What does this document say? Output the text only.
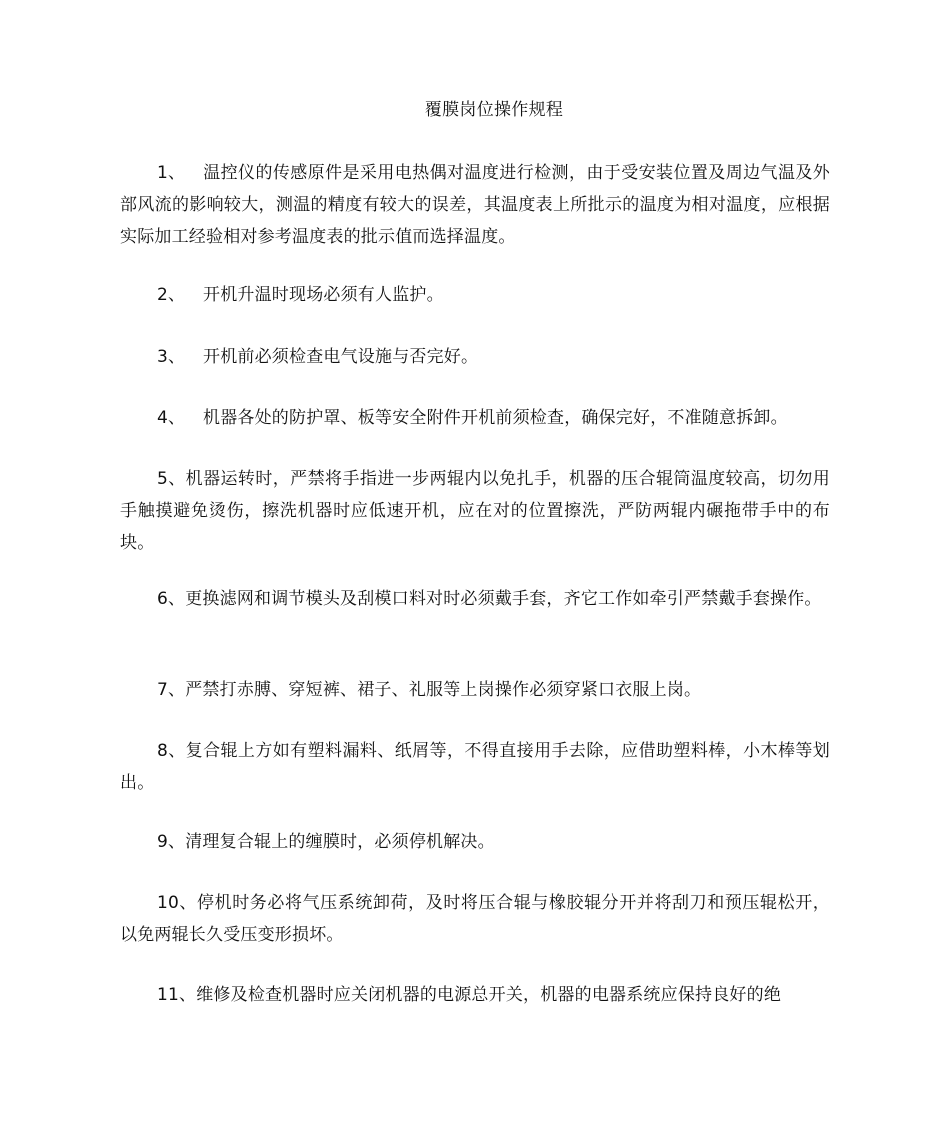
覆膜岗位操作规程
1、 温控仪的传感原件是采用电热偶对温度进行检测，由于受安装位置及周边气温及外部风流的影响较大，测温的精度有较大的误差，其温度表上所批示的温度为相对温度，应根据实际加工经验相对参考温度表的批示值而选择温度。
2、 开机升温时现场必须有人监护。
3、 开机前必须检查电气设施与否完好。
4、 机器各处的防护罩、板等安全附件开机前须检查，确保完好，不准随意拆卸。
5、机器运转时，严禁将手指进一步两辊内以免扎手，机器的压合辊筒温度较高，切勿用手触摸避免烫伤，擦洗机器时应低速开机，应在对的位置擦洗，严防两辊内碾拖带手中的布块。
6、更换滤网和调节模头及刮模口料对时必须戴手套，齐它工作如牵引严禁戴手套操作。
7、严禁打赤膊、穿短裤、裙子、礼服等上岗操作必须穿紧口衣服上岗。
8、复合辊上方如有塑料漏料、纸屑等，不得直接用手去除，应借助塑料棒，小木棒等划出。
9、清理复合辊上的缠膜时，必须停机解决。
10、停机时务必将气压系统卸荷，及时将压合辊与橡胶辊分开并将刮刀和预压辊松开，以免两辊长久受压变形损坏。
11、维修及检查机器时应关闭机器的电源总开关，机器的电器系统应保持良好的绝
